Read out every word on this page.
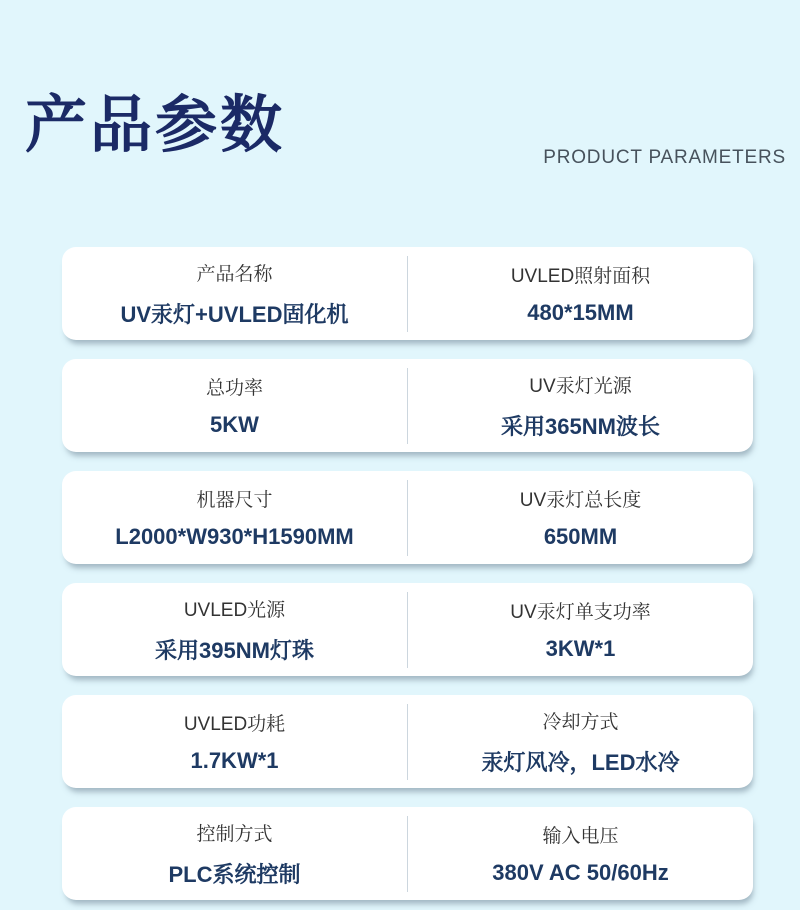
产品参数	PRODUCT PARAMETERS
产品名称
UV汞灯+UVLED固化机
UVLED照射面积
480*15MM
总功率
5KW
UV汞灯光源
采用365NM波长
机器尺寸
L2000*W930*H1590MM
UV汞灯总长度
650MM
UVLED光源
采用395NM灯珠
UV汞灯单支功率
3KW*1
UVLED功耗
1.7KW*1
冷却方式
汞灯风冷，LED水冷
控制方式
PLC系统控制
输入电压
380V AC 50/60Hz
